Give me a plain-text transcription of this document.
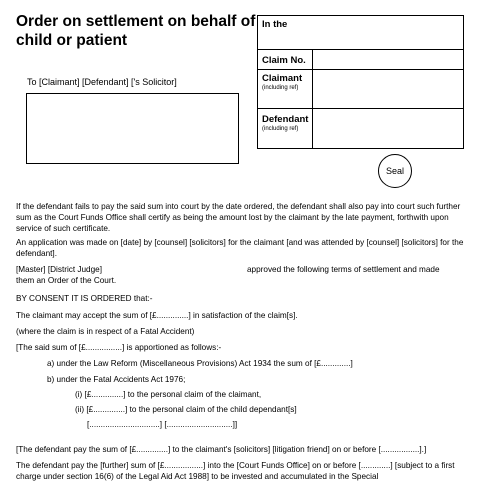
Order on settlement on behalf of child or patient
To [Claimant] [Defendant] ['s Solicitor]
In the
Claim No.
Claimant
(including ref)
Defendant
(including ref)
Seal
If the defendant fails to pay the said sum into court by the date ordered, the defendant shall also pay into court such further sum as the Court Funds Office shall certify as being the amount lost by the claimant by the late payment, forthwith upon service of such certificate.
An application was made on [date] by [counsel] [solicitors] for the claimant [and was attended by [counsel] [solicitors] for the defendant].
[Master] [District Judge]	approved the following terms of settlement and made
them an Order of the Court.
BY CONSENT IT IS ORDERED that:-
The claimant may accept the sum of [£..............] in satisfaction of the claim[s].
(where the claim is in respect of a Fatal Accident)
[The said sum of [£................] is apportioned as follows:-
a) under the Law Reform (Miscellaneous Provisions) Act 1934 the sum of [£.............]
b) under the Fatal Accidents Act 1976;
(i) [£..............] to the personal claim of the claimant,
(ii) [£..............] to the personal claim of the child dependant[s]
[...............................] [.............................]]
[The defendant pay the sum of [£..............] to the claimant's [solicitors] [litigation friend] on or before [.................].]
The defendant pay the [further] sum of [£.................] into the [Court Funds Office] on or before [.............] [subject to a first charge under section 16(6) of the Legal Aid Act 1988] to be invested and accumulated in the Special
